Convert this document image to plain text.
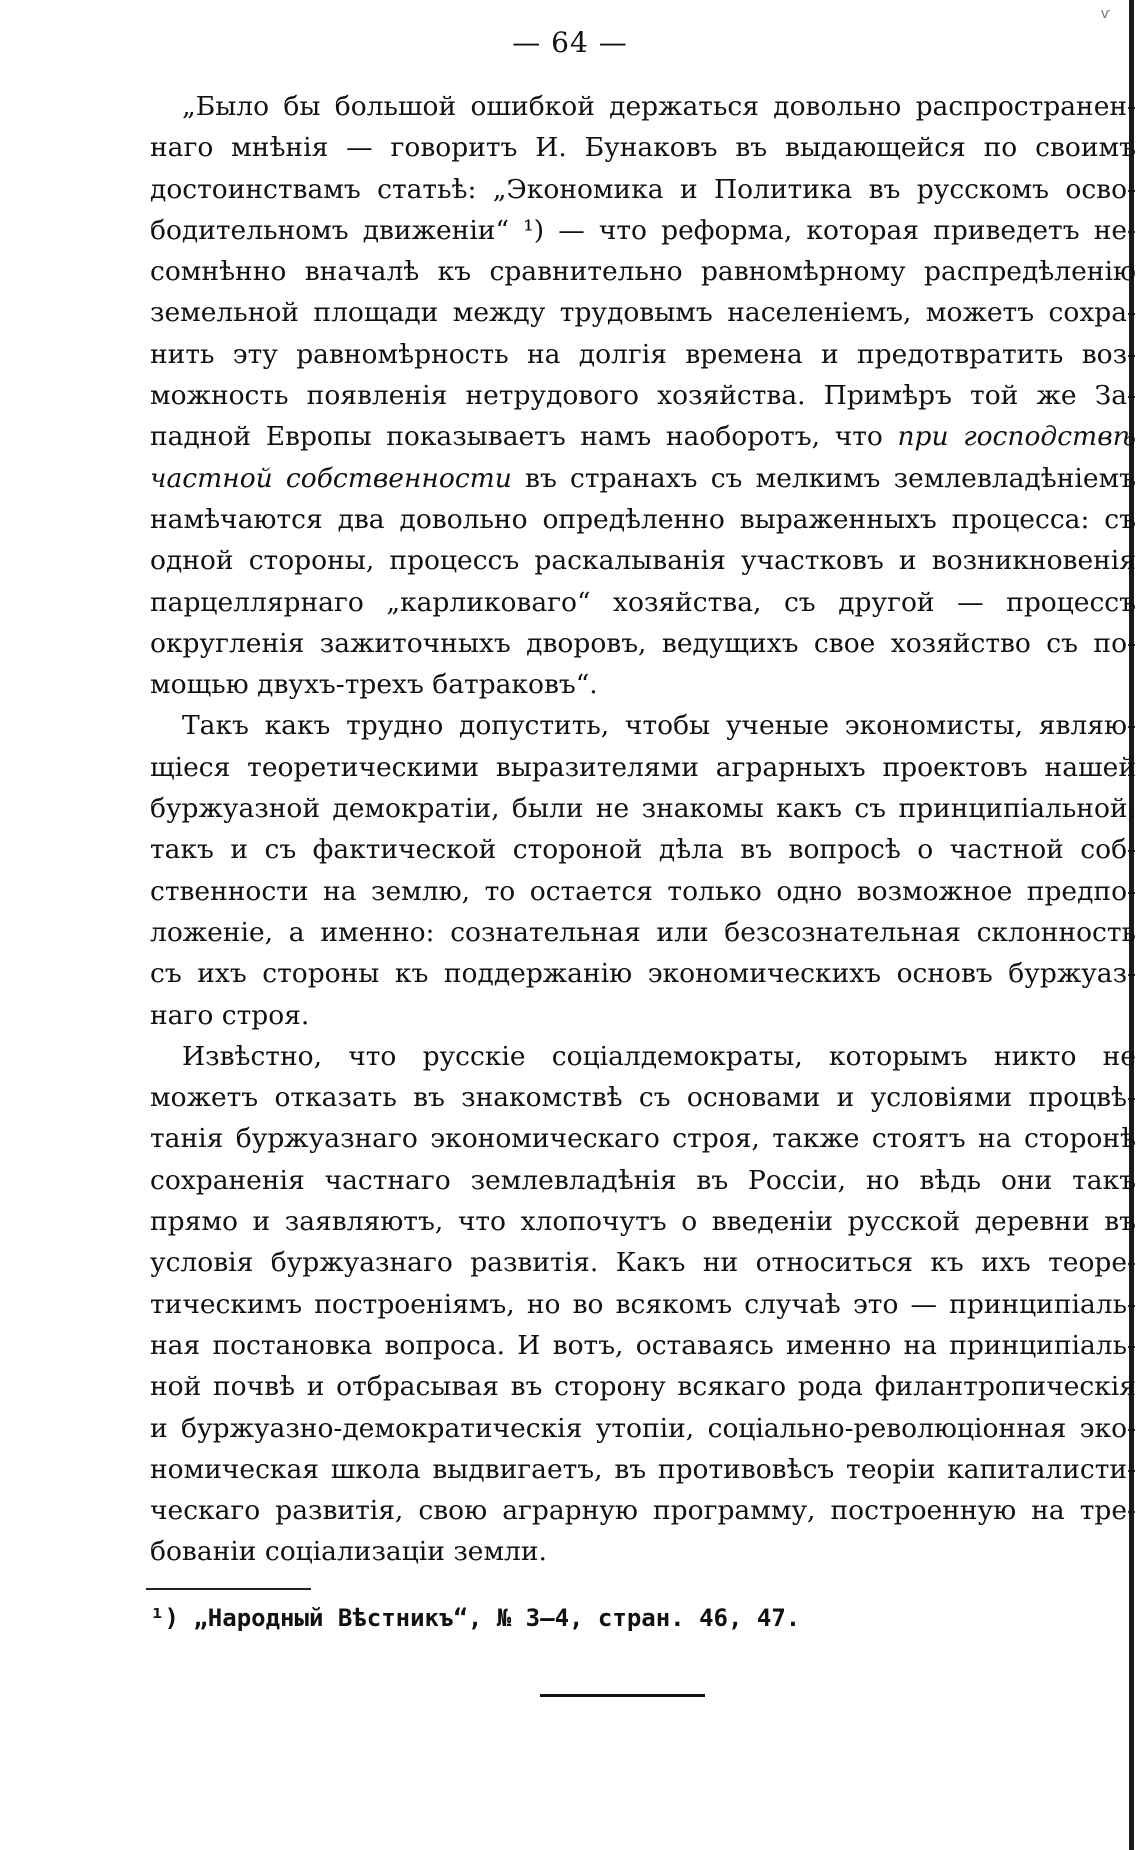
ѵ
— 64 —
„Было бы большой ошибкой держаться довольно распространен-
наго мнѣнія — говоритъ И. Бунаковъ въ выдающейся по своимъ
достоинствамъ статьѣ: „Экономика и Политика въ русскомъ осво-
бодительномъ движеніи“ ¹) — что реформа, которая приведетъ не-
сомнѣнно вначалѣ къ сравнительно равномѣрному распредѣленію
земельной площади между трудовымъ населеніемъ, можетъ сохра-
нить эту равномѣрность на долгія времена и предотвратить воз-
можность появленія нетрудового хозяйства. Примѣръ той же За-
падной Европы показываетъ намъ наоборотъ, что при господствѣ
частной собственности въ странахъ съ мелкимъ землевладѣніемъ
намѣчаются два довольно опредѣленно выраженныхъ процесса: съ
одной стороны, процессъ раскалыванія участковъ и возникновенія
парцеллярнаго „карликоваго“ хозяйства, съ другой — процессъ
округленія зажиточныхъ дворовъ, ведущихъ свое хозяйство съ по-
мощью двухъ-трехъ батраковъ“.
Такъ какъ трудно допустить, чтобы ученые экономисты, являю-
щіеся теоретическими выразителями аграрныхъ проектовъ нашей
буржуазной демократіи, были не знакомы какъ съ принципіальной,
такъ и съ фактической стороной дѣла въ вопросѣ о частной соб-
ственности на землю, то остается только одно возможное предпо-
ложеніе, а именно: сознательная или безсознательная склонность
съ ихъ стороны къ поддержанію экономическихъ основъ буржуаз-
наго строя.
Извѣстно, что русскіе соціалдемократы, которымъ никто не
можетъ отказать въ знакомствѣ съ основами и условіями процвѣ-
танія буржуазнаго экономическаго строя, также стоятъ на сторонѣ
сохраненія частнаго землевладѣнія въ Россіи, но вѣдь они такъ
прямо и заявляютъ, что хлопочутъ о введеніи русской деревни въ
условія буржуазнаго развитія. Какъ ни относиться къ ихъ теоре-
тическимъ построеніямъ, но во всякомъ случаѣ это — принципіаль-
ная постановка вопроса. И вотъ, оставаясь именно на принципіаль-
ной почвѣ и отбрасывая въ сторону всякаго рода филантропическія
и буржуазно-демократическія утопіи, соціально-революціонная эко-
номическая школа выдвигаетъ, въ противовѣсъ теоріи капиталисти-
ческаго развитія, свою аграрную программу, построенную на тре-
бованіи соціализаціи земли.
¹) „Народный Вѣстникъ“, № 3—4, стран. 46, 47.
